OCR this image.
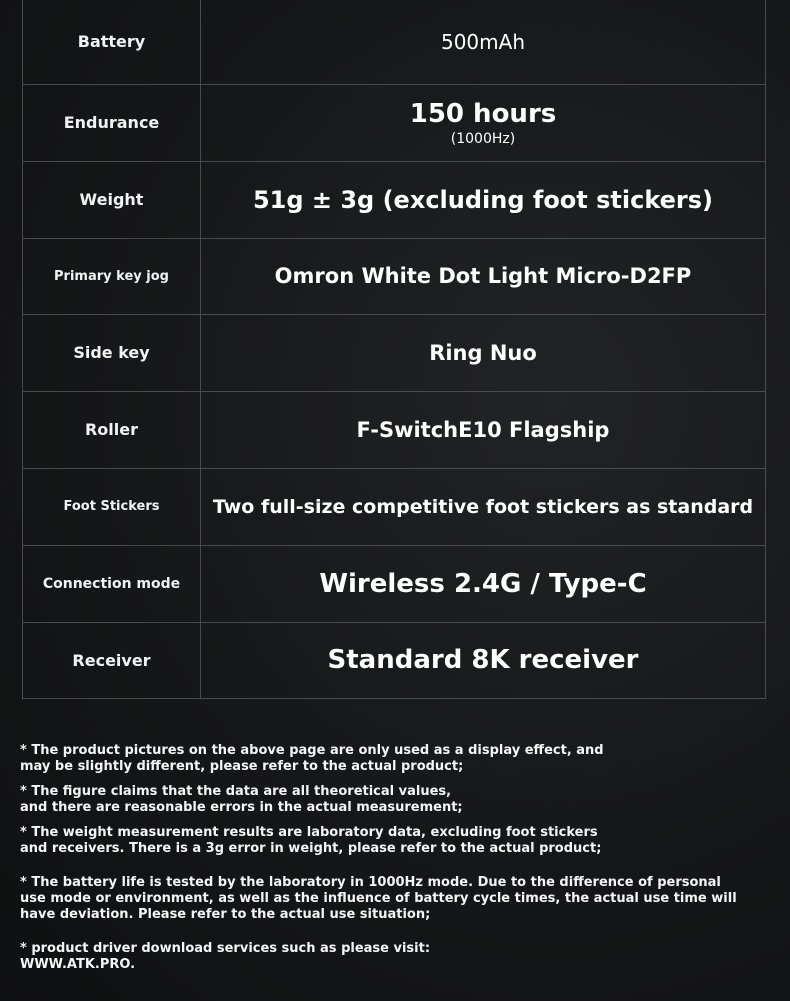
Battery	500mAh
Endurance	150 hours
(1000Hz)

Weight	51g ± 3g (excluding foot stickers)
Primary key jog	Omron White Dot Light Micro-D2FP
Side key	Ring Nuo
Roller	F-SwitchE10 Flagship
Foot Stickers	Two full-size competitive foot stickers as standard
Connection mode	Wireless 2.4G / Type-C
Receiver	Standard 8K receiver

* The product pictures on the above page are only used as a display effect, and
may be slightly different, please refer to the actual product;

* The figure claims that the data are all theoretical values,
and there are reasonable errors in the actual measurement;

* The weight measurement results are laboratory data, excluding foot stickers
and receivers. There is a 3g error in weight, please refer to the actual product;

* The battery life is tested by the laboratory in 1000Hz mode. Due to the difference of personal
use mode or environment, as well as the influence of battery cycle times, the actual use time will
have deviation. Please refer to the actual use situation;

* product driver download services such as please visit:
WWW.ATK.PRO.
